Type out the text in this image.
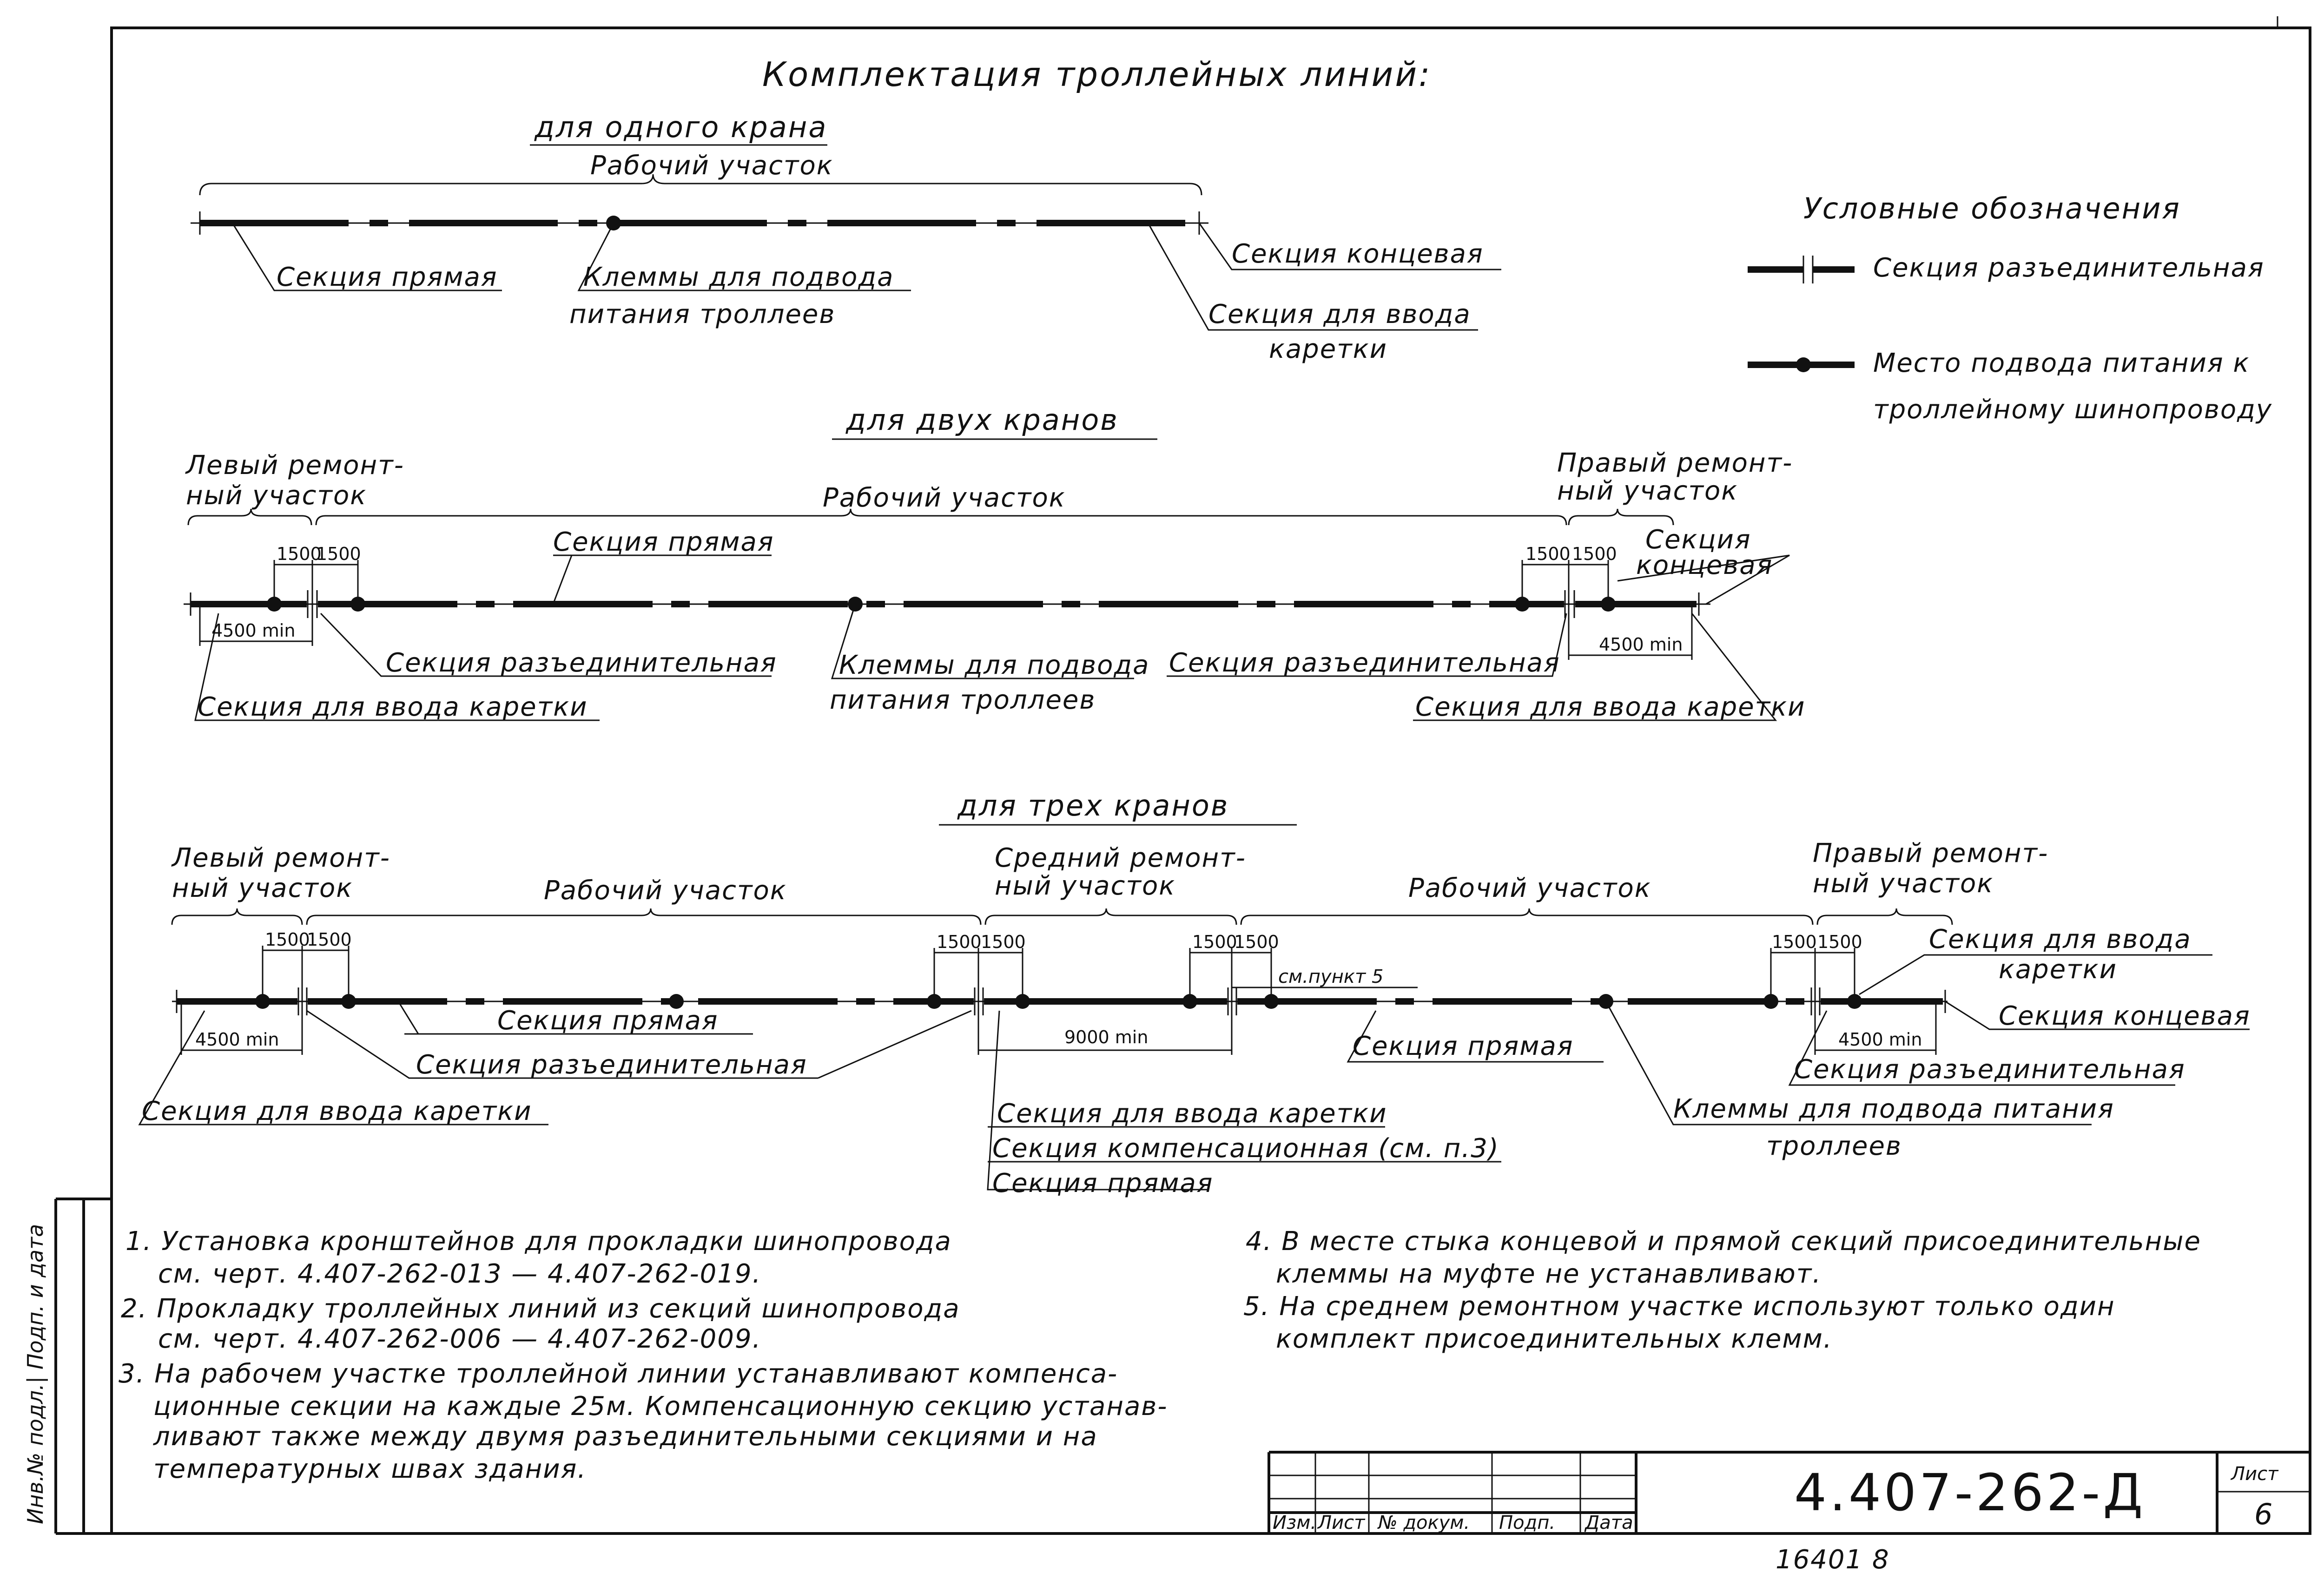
Инв.№ подл.| Подп. и дата
Комплектация троллейных линий:
для одного крана
Рабочий участок
Секция прямая	Клеммы для подвода
питания троллеев
Секция концевая
Секция для ввода
каретки
Условные обозначения
Секция разъединительная
Место подвода питания к
троллейному шинопроводу
для двух кранов
Левый ремонт-
ный участок	Рабочий участок
Правый ремонт-
ный участок
Секция прямая	Секция
концевая
1500
1500
4500 min
1500 1500
4500 min
Секция разъединительная
Секция для ввода каретки
Клеммы для подвода
питания троллеев
Секция разъединительная
Секция для ввода каретки
для трех кранов
Левый ремонт-
ный участок	Рабочий участок
Средний ремонт-
ный участок	Рабочий участок
Правый ремонт-
ный участок
1500
1500	1500
1500	1500
1500
см.пункт 5
1500 1500
4500 min	9000 min	4500 min
Секция для ввода
каретки
Секция концевая
Секция прямая
Секция разъединительная
Секция для ввода каретки	Секция для ввода каретки
Секция компенсационная (см. п.3)
Секция прямая
Секция прямая
Секция разъединительная
Клеммы для подвода питания
троллеев
1. Установка кронштейнов для прокладки шинопровода
см. черт. 4.407-262-013 — 4.407-262-019.
2. Прокладку троллейных линий из секций шинопровода
см. черт. 4.407-262-006 — 4.407-262-009.
3. На рабочем участке троллейной линии устанавливают компенса-
ционные секции на каждые 25м. Компенсационную секцию устанав-
ливают также между двумя разъединительными секциями и на
температурных швах здания.
4. В месте стыка концевой и прямой секций присоединительные
клеммы на муфте не устанавливают.
5. На среднем ремонтном участке используют только один
комплект присоединительных клемм.
Изм. Лист № докум. Подп. Дата
4.407-262-Д	Лист
6
16401 8
